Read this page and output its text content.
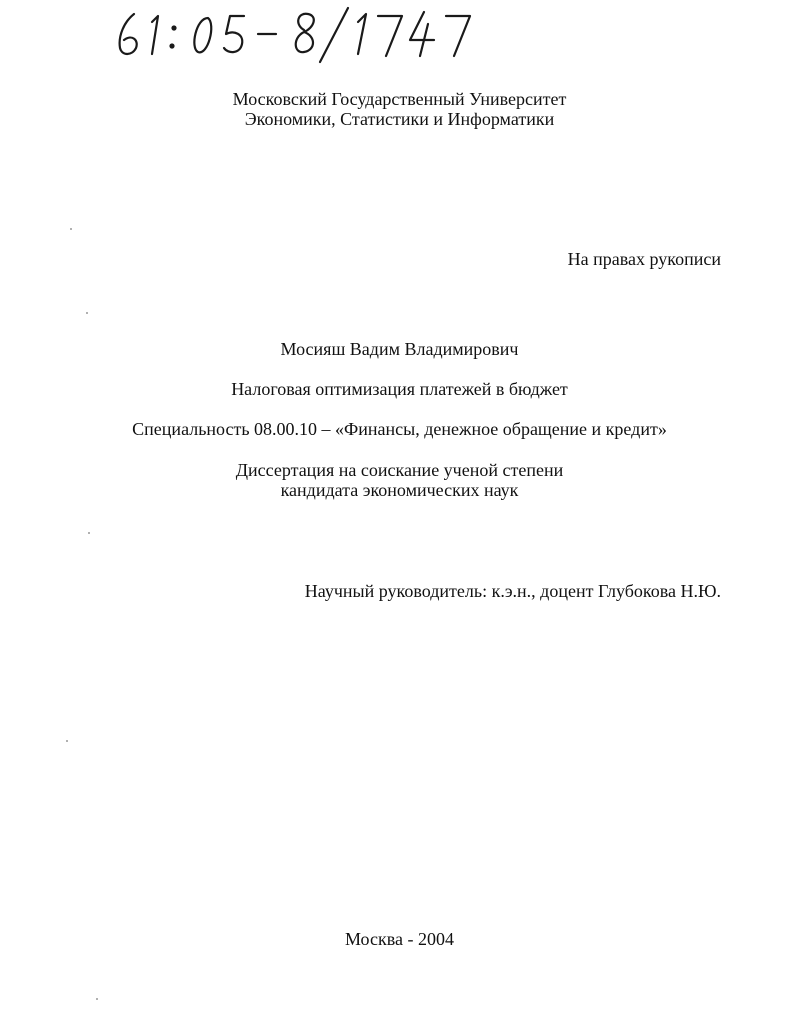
Московский Государственный Университет
Экономики, Статистики и Информатики
На правах рукописи
Мосияш Вадим Владимирович
Налоговая оптимизация платежей в бюджет
Специальность 08.00.10 – «Финансы, денежное обращение и кредит»
Диссертация на соискание ученой степени
кандидата экономических наук
Научный руководитель: к.э.н., доцент Глубокова Н.Ю.
Москва - 2004
